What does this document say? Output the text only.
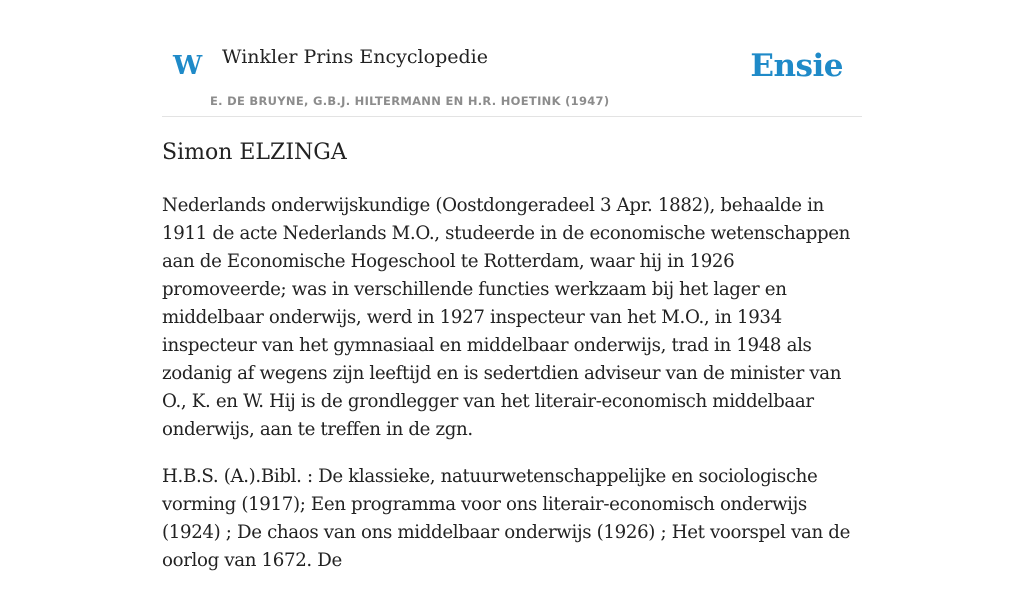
W Winkler Prins Encyclopedie
E. DE BRUYNE, G.B.J. HILTERMANN EN H.R. HOETINK (1947)
Ensie
Simon ELZINGA

Nederlands onderwijskundige (Oostdongeradeel 3 Apr. 1882), behaalde in 1911 de acte Nederlands M.O., studeerde in de economische wetenschappen aan de Economische Hogeschool te Rotterdam, waar hij in 1926 promoveerde; was in verschillende functies werkzaam bij het lager en middelbaar onderwijs, werd in 1927 inspecteur van het M.O., in 1934 inspecteur van het gymnasiaal en middelbaar onderwijs, trad in 1948 als zodanig af wegens zijn leeftijd en is sedertdien adviseur van de minister van O., K. en W. Hij is de grondlegger van het literair-economisch middelbaar onderwijs, aan te treffen in de zgn.

H.B.S. (A.).Bibl. : De klassieke, natuurwetenschappelijke en sociologische vorming (1917); Een programma voor ons literair-economisch onderwijs (1924) ; De chaos van ons middelbaar onderwijs (1926) ; Het voorspel van de oorlog van 1672. De
